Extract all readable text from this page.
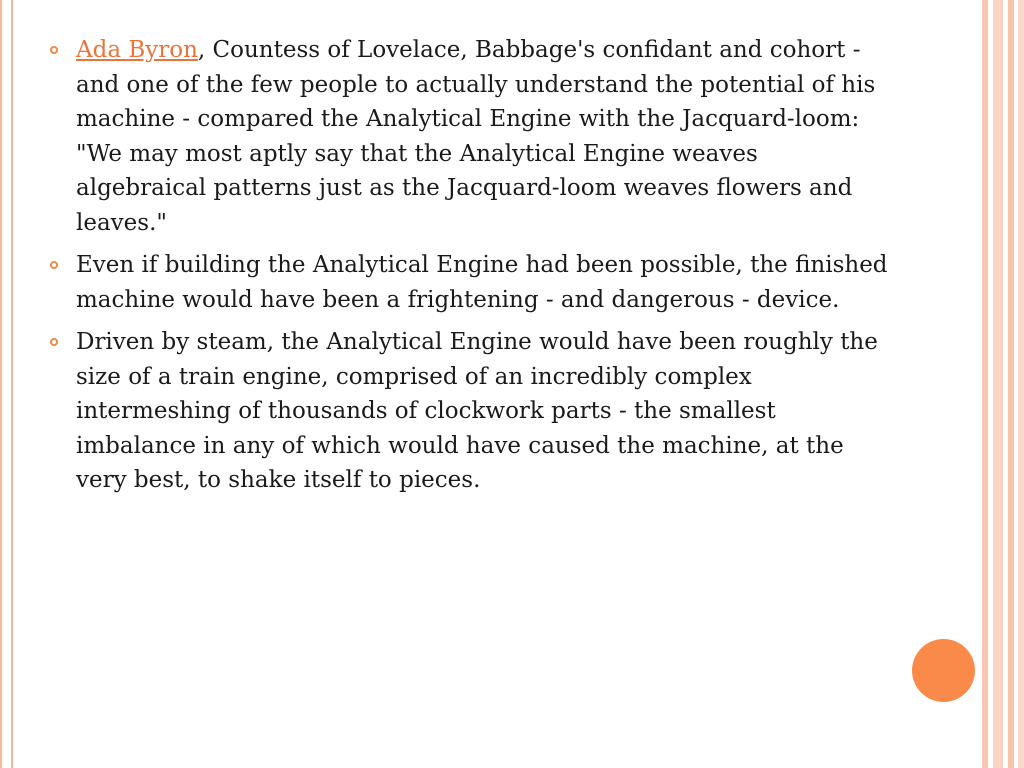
Ada Byron, Countess of Lovelace, Babbage's confidant and cohort - and one of the few people to actually understand the potential of his machine - compared the Analytical Engine with the Jacquard-loom: "We may most aptly say that the Analytical Engine weaves algebraical patterns just as the Jacquard-loom weaves flowers and leaves."
Even if building the Analytical Engine had been possible, the finished machine would have been a frightening - and dangerous - device.
Driven by steam, the Analytical Engine would have been roughly the size of a train engine, comprised of an incredibly complex intermeshing of thousands of clockwork parts - the smallest imbalance in any of which would have caused the machine, at the very best, to shake itself to pieces.
